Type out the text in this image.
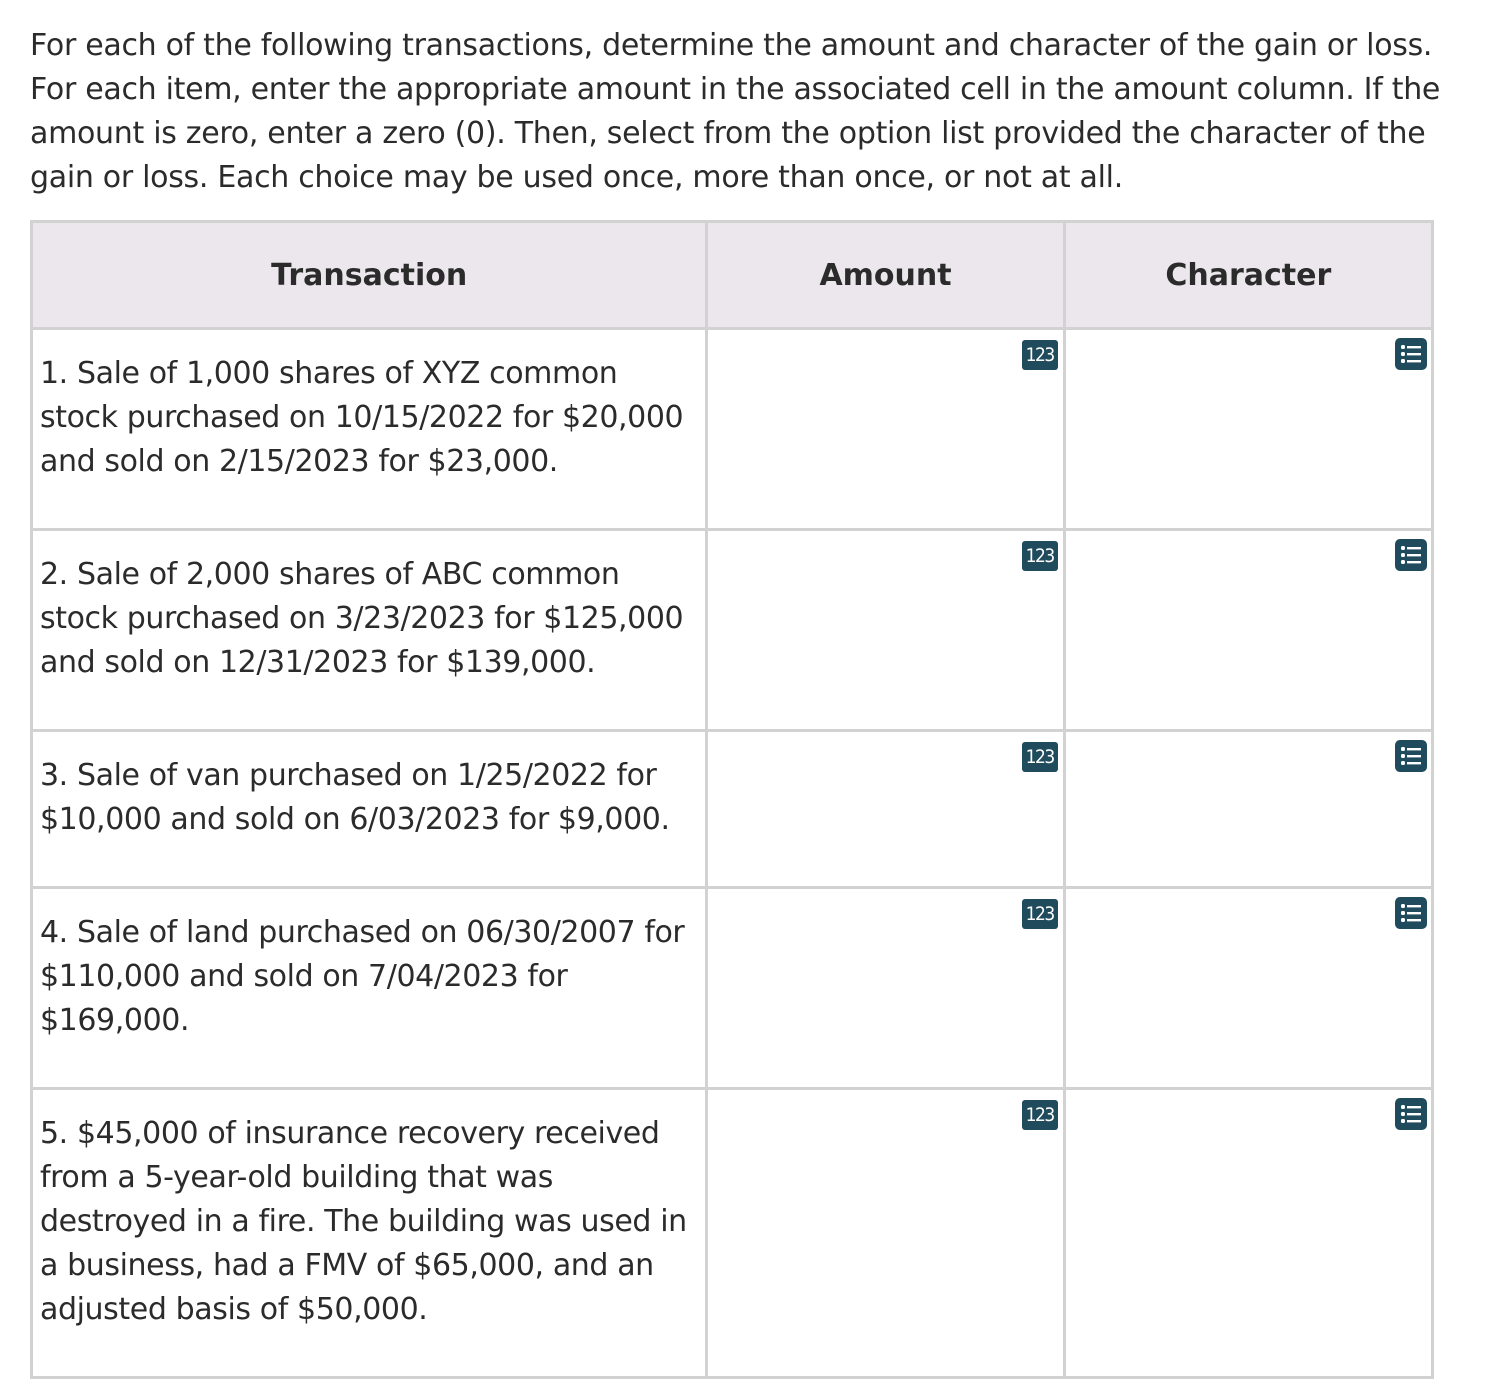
For each of the following transactions, determine the amount and character of the gain or loss. For each item, enter the appropriate amount in the associated cell in the amount column. If the amount is zero, enter a zero (0). Then, select from the option list provided the character of the gain or loss. Each choice may be used once, more than once, or not at all.

Transaction	Amount	Character
1. Sale of 1,000 shares of XYZ common stock purchased on 10/15/2022 for $20,000 and sold on 2/15/2023 for $23,000.	123

2. Sale of 2,000 shares of ABC common stock purchased on 3/23/2023 for $125,000 and sold on 12/31/2023 for $139,000.	123

3. Sale of van purchased on 1/25/2022 for $10,000 and sold on 6/03/2023 for $9,000.	123

4. Sale of land purchased on 06/30/2007 for $110,000 and sold on 7/04/2023 for $169,000.	123

5. $45,000 of insurance recovery received from a 5-year-old building that was destroyed in a fire. The building was used in a business, had a FMV of $65,000, and an adjusted basis of $50,000.	123
